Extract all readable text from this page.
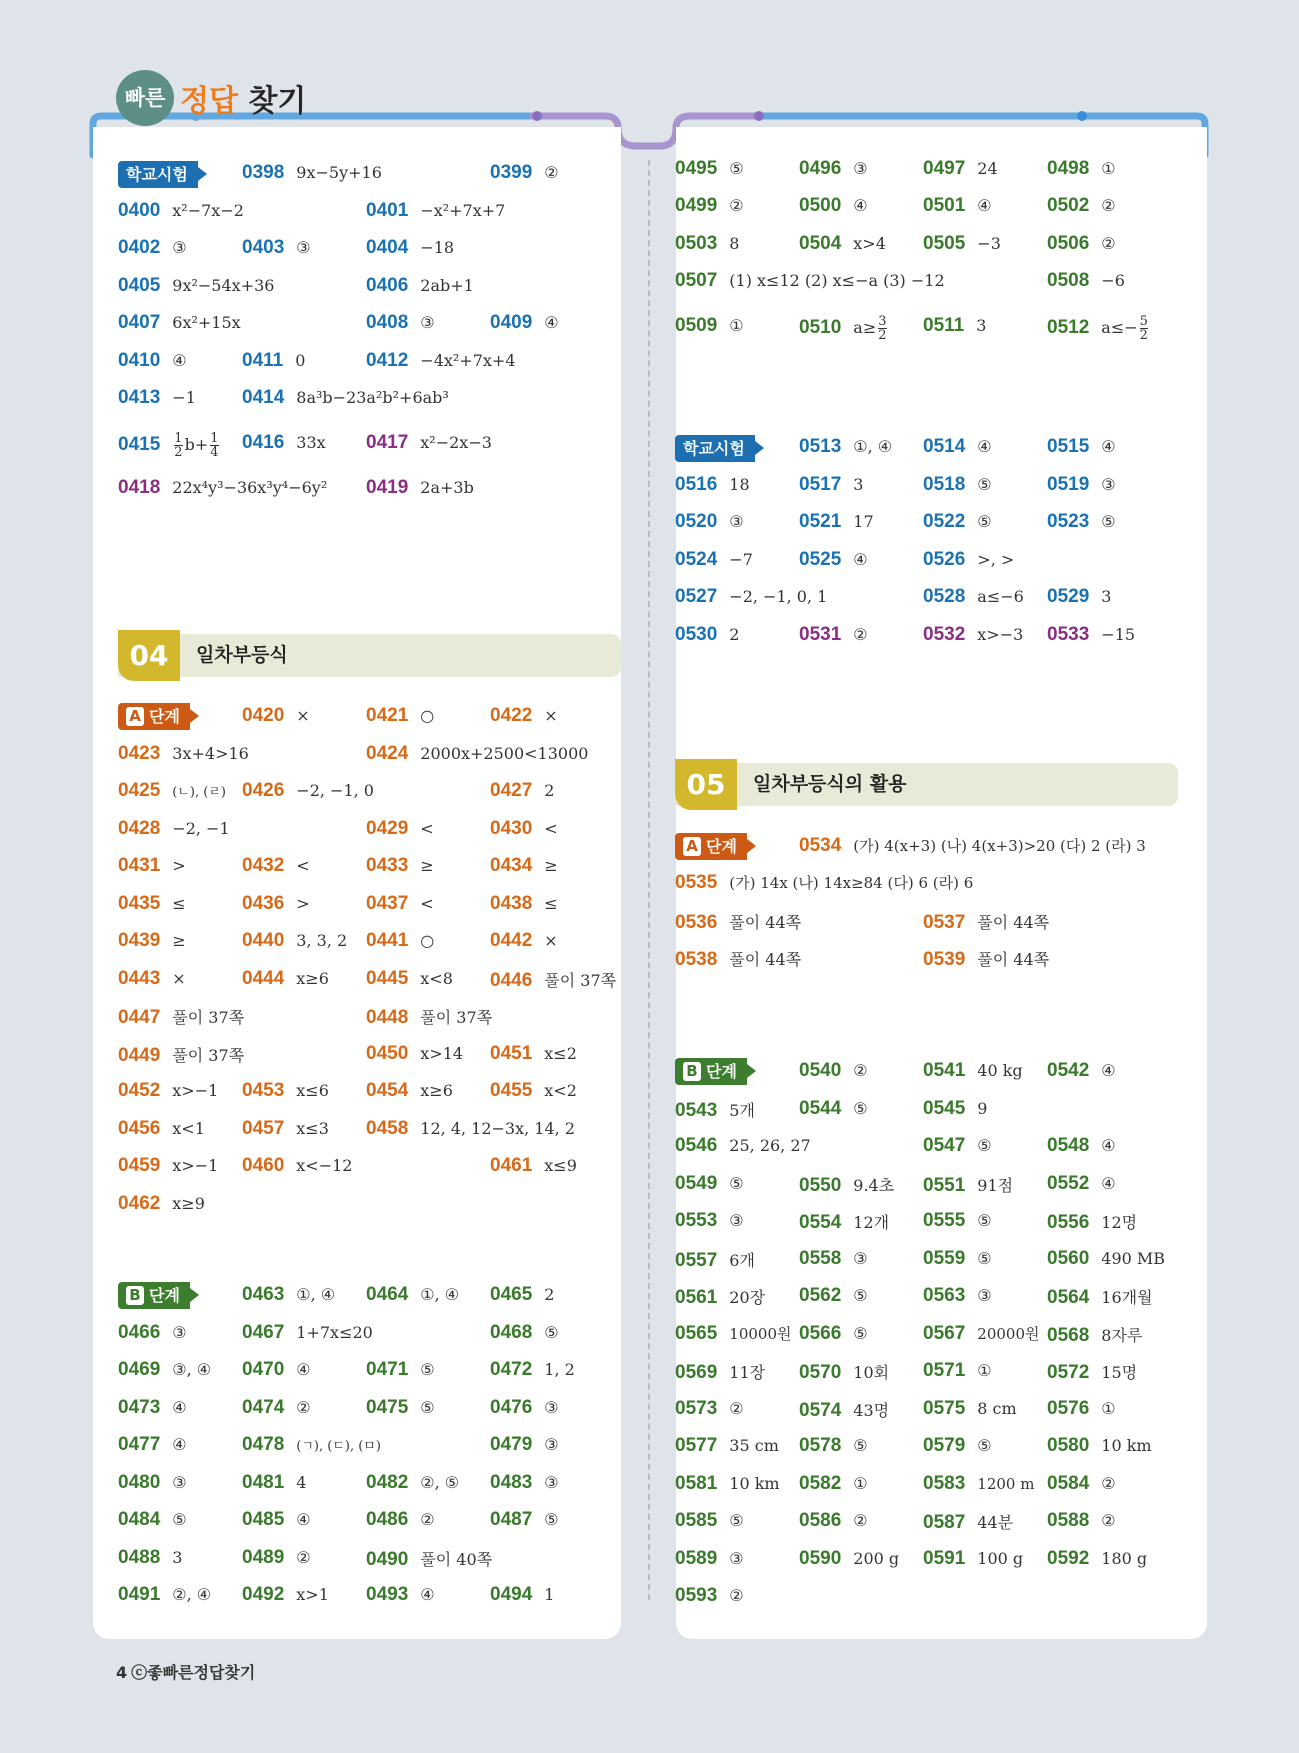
빠른 정답 찾기
학교시험	0398 9x−5y+16	0399 ②
0400 x²−7x−2	0401 −x²+7x+7
0402 ③	0403 ③	0404 −18
0405 9x²−54x+36	0406 2ab+1
0407 6x²+15x	0408 ③	0409 ④
0410 ④	0411 0	0412 −4x²+7x+4
0413 −1 0414 8a³b−23a²b²+6ab³
$0415 \frac{1}{2} b+ \frac{1}{4} 0416$ 33x 0417 x²−2x−3
0418 22x⁴y³−36x³y⁴−6y² 0419 2a+3b
04	일차부등식
A 단계	0420 ×	0421 ○	0422 ×
0423 3x+4>16	0424 2000x+2500<13000
0425 (ㄴ), (ㄹ) 0426 −2, −1, 0	0427 2
0428 −2, −1	0429 <	0430 <
0431 >	0432 <	0433 ≥	0434 ≥
0435 ≤	0436 >	0437 <	0438 ≤
0439 ≥	0440 3, 3, 2 0441 ○	0442 ×
0443 ×	0444 x≥6 0445 x<8 0446 풀이 37쪽
0447 풀이 37쪽	0448 풀이 37쪽
0449 풀이 37쪽	0450 x>14 0451 x≤2
0452 x>−1 0453 x≤6 0454 x≥6 0455 x<2
0456 x<1 0457 x≤3 0458 12, 4, 12−3x, 14, 2
0459 x>−1 0460 x<−12	0461 x≤9
0462 x≥9
B 단계	0463 ①, ④ 0464 ①, ④ 0465 2
0466 ③	0467 1+7x≤20	0468 ⑤
0469 ③, ④ 0470 ④	0471 ⑤	0472 1, 2
0473 ④	0474 ②	0475 ⑤	0476 ③
0477 ④	0478 (ㄱ), (ㄷ), (ㅁ)	0479 ③
0480 ③	0481 4	0482 ②, ⑤ 0483 ③
0484 ⑤	0485 ④	0486 ②	0487 ⑤
0488 3	0489 ②	0490 풀이 40쪽
0491 ②, ④ 0492 x>1 0493 ④	0494 1
0495 ⑤	0496 ③	0497 24	0498 ①
0499 ②	0500 ④	0501 ④	0502 ②
0503 8	0504 x>4 0505 −3 0506 ②
0507 (1) x≤12 (2) x≤−a (3) −12	0508 −6
0509 ①	0510 $a\ge \frac{3}{2} 0511$ 3	0512 $a\le- \frac{5}{2}$
학교시험	0513 ①, ④ 0514 ④	0515 ④
0516 18	0517 3	0518 ⑤	0519 ③
0520 ③	0521 17	0522 ⑤	0523 ⑤
0524 −7 0525 ④	0526 >, >
0527 −2, −1, 0, 1	0528 a≤−6 0529 3
0530 2	0531 ②	0532 x>−3 0533 −15
05	일차부등식의 활용
A 단계	0534 (가) 4(x+3) (나) 4(x+3)>20 (다) 2 (라) 3
0535 (가) 14x (나) 14x≥84 (다) 6 (라) 6
0536 풀이 44쪽	0537 풀이 44쪽
0538 풀이 44쪽	0539 풀이 44쪽
B 단계	0540 ②	0541 40 kg 0542 ④
0543 5개 0544 ⑤	0545 9
0546 25, 26, 27	0547 ⑤	0548 ④
0549 ⑤	0550 9.4초 0551 91점 0552 ④
0553 ③	0554 12개 0555 ⑤	0556 12명
0557 6개 0558 ③	0559 ⑤	0560 490 MB
0561 20장 0562 ⑤	0563 ③	0564 16개월
0565 10000원 0566 ⑤	0567 20000원 0568 8자루
0569 11장 0570 10회 0571 ①	0572 15명
0573 ②	0574 43명 0575 8 cm 0576 ①
0577 35 cm 0578 ⑤	0579 ⑤	0580 10 km
0581 10 km 0582 ①	0583 1200 m 0584 ②
0585 ⑤	0586 ②	0587 44분 0588 ②
0589 ③	0590 200 g 0591 100 g 0592 180 g
0593 ②
4 ⓒ좋빠른정답찾기
